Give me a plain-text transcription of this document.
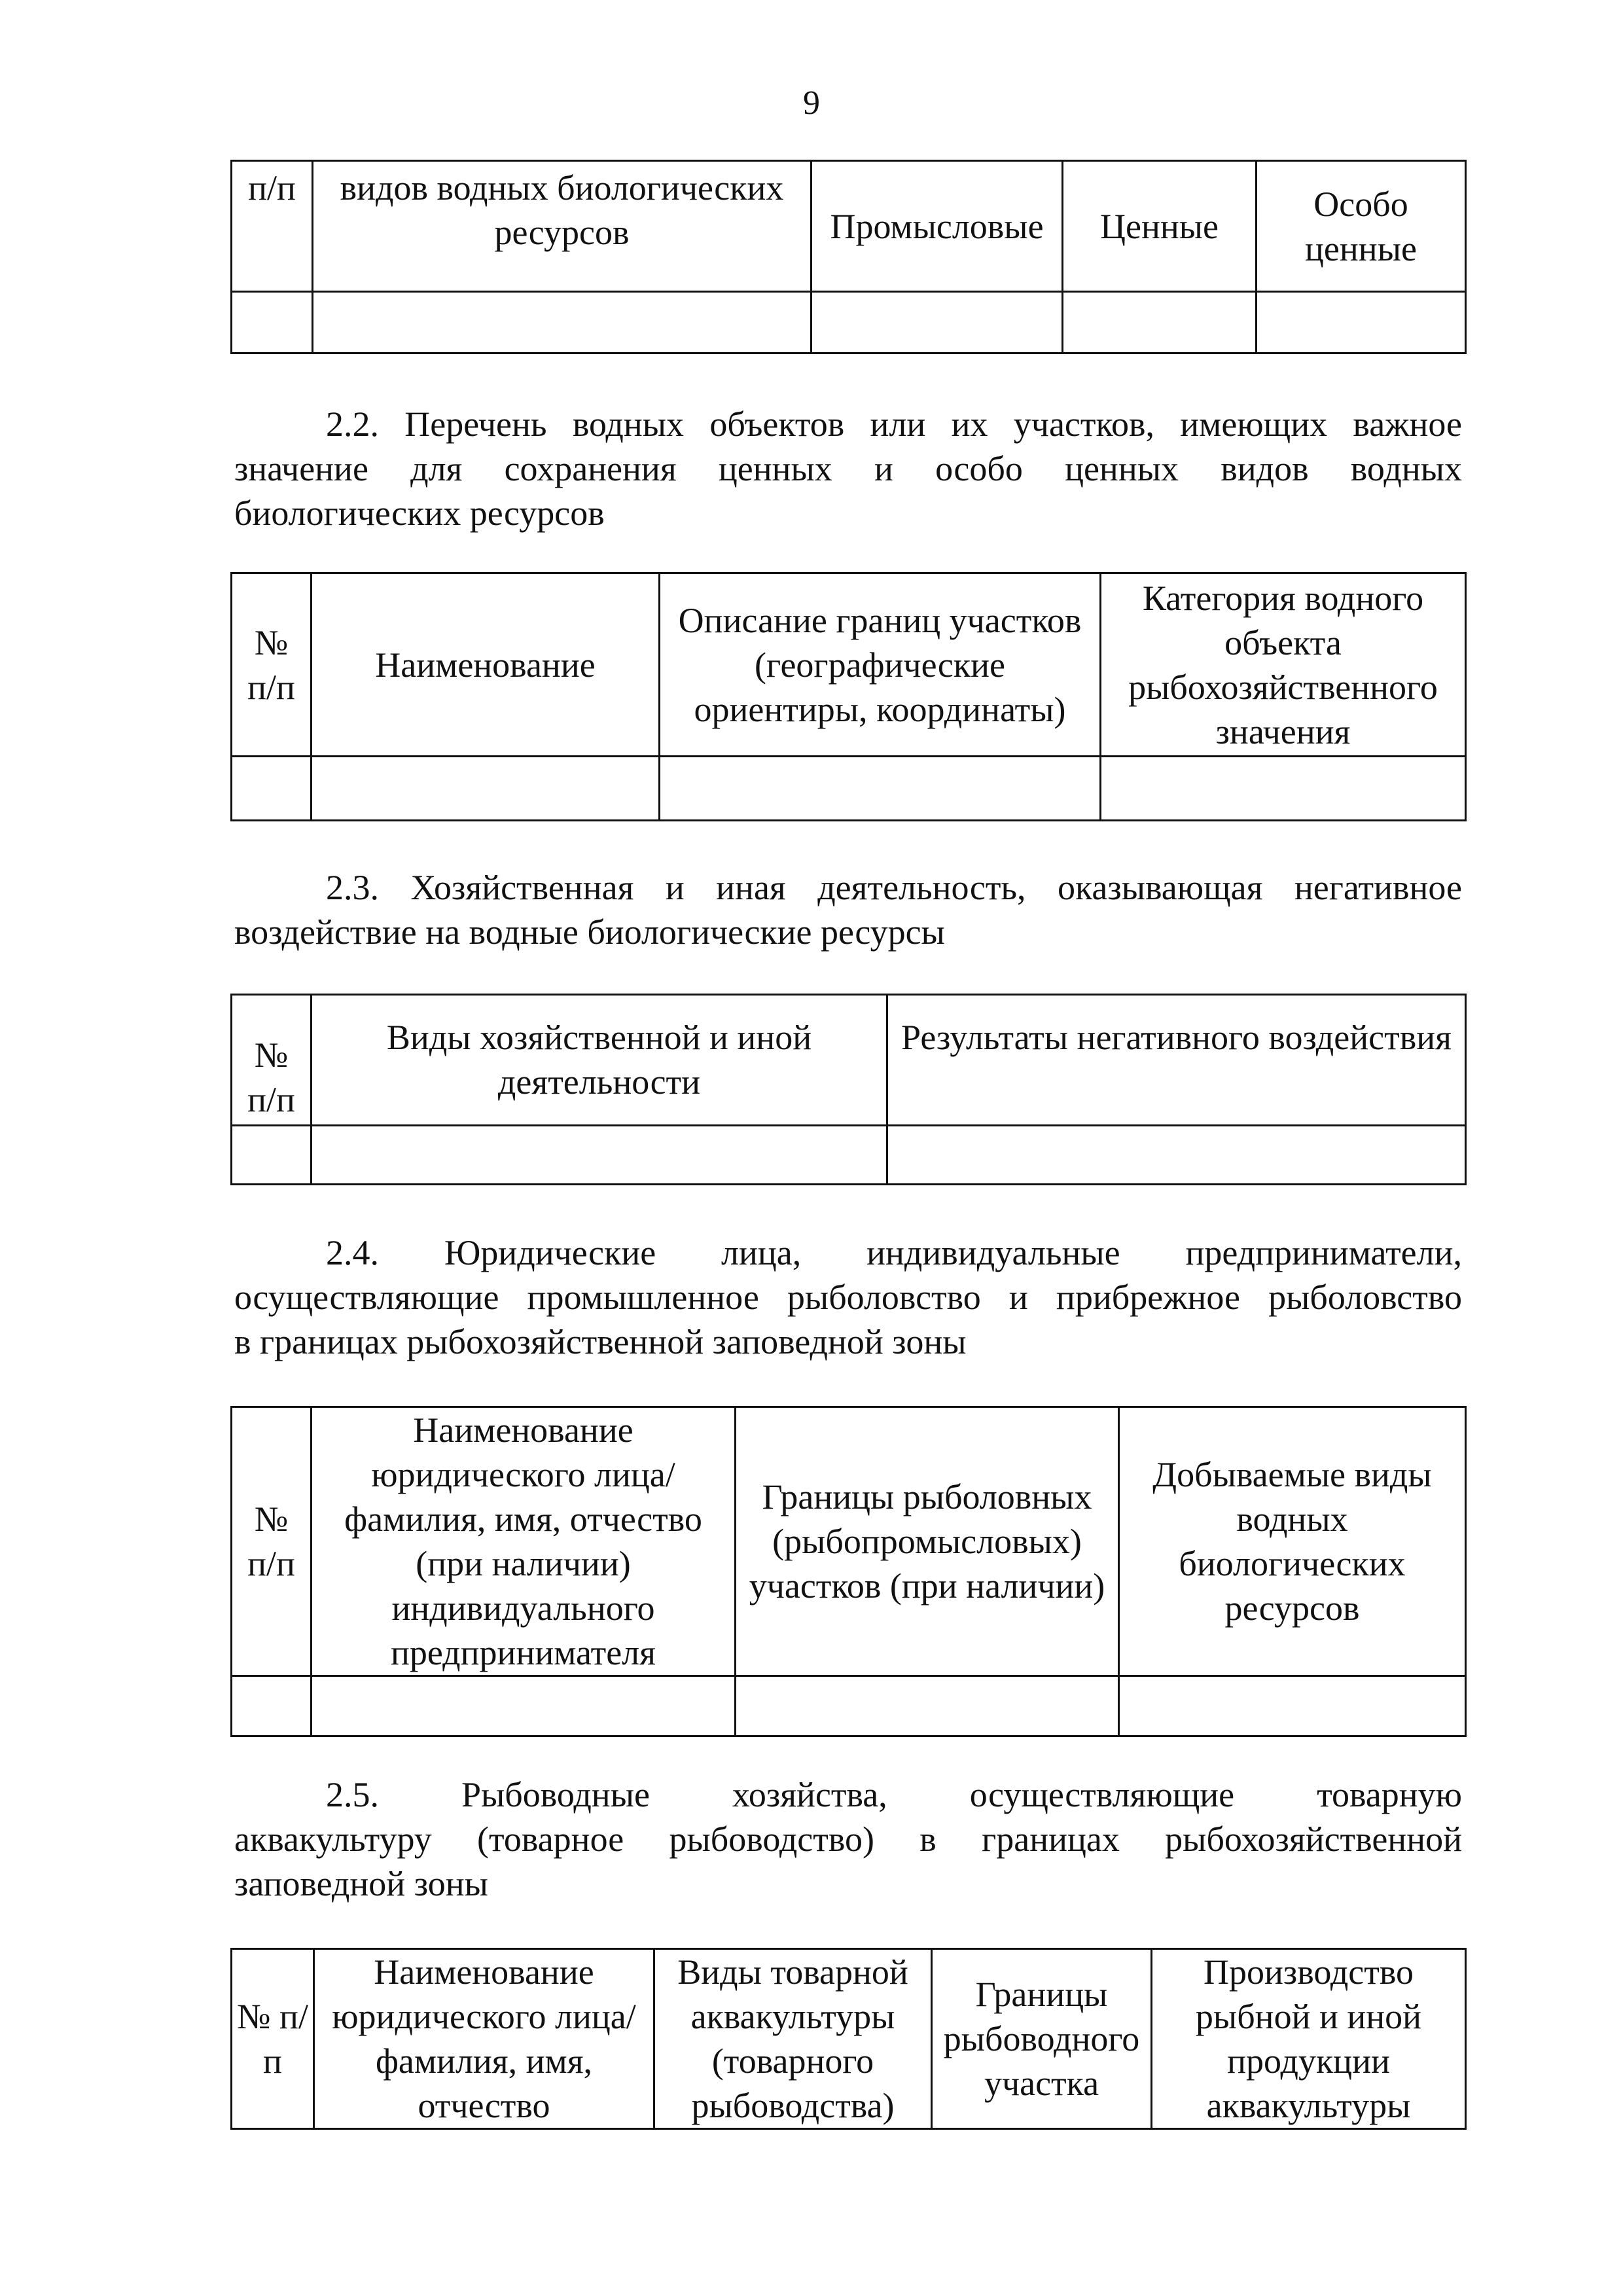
9
п/п	видов водных биологических ресурсов	Промысловые	Ценные	Особо ценные

2.2. Перечень водных объектов или их участков, имеющих важное
значение для сохранения ценных и особо ценных видов водных
биологических ресурсов
№ п/п	Наименование	Описание границ участков (географические ориентиры, координаты)	Категория водного объекта рыбохозяйственного значения

2.3. Хозяйственная и иная деятельность, оказывающая негативное
воздействие на водные биологические ресурсы
№ п/п	Виды хозяйственной и иной деятельности	Результаты негативного воздействия

2.4. Юридические лица, индивидуальные предприниматели,
осуществляющие промышленное рыболовство и прибрежное рыболовство
в границах рыбохозяйственной заповедной зоны
№ п/п	Наименование юридического лица/ фамилия, имя, отчество (при наличии) индивидуального предпринимателя	Границы рыболовных (рыбопромысловых) участков (при наличии)	Добываемые виды водных биологических ресурсов

2.5. Рыбоводные хозяйства, осуществляющие товарную
аквакультуру (товарное рыбоводство) в границах рыбохозяйственной
заповедной зоны
№ п/п	Наименование юридического лица/ фамилия, имя, отчество	Виды товарной аквакультуры (товарного рыбоводства)	Границы рыбоводного участка	Производство рыбной и иной продукции аквакультуры
